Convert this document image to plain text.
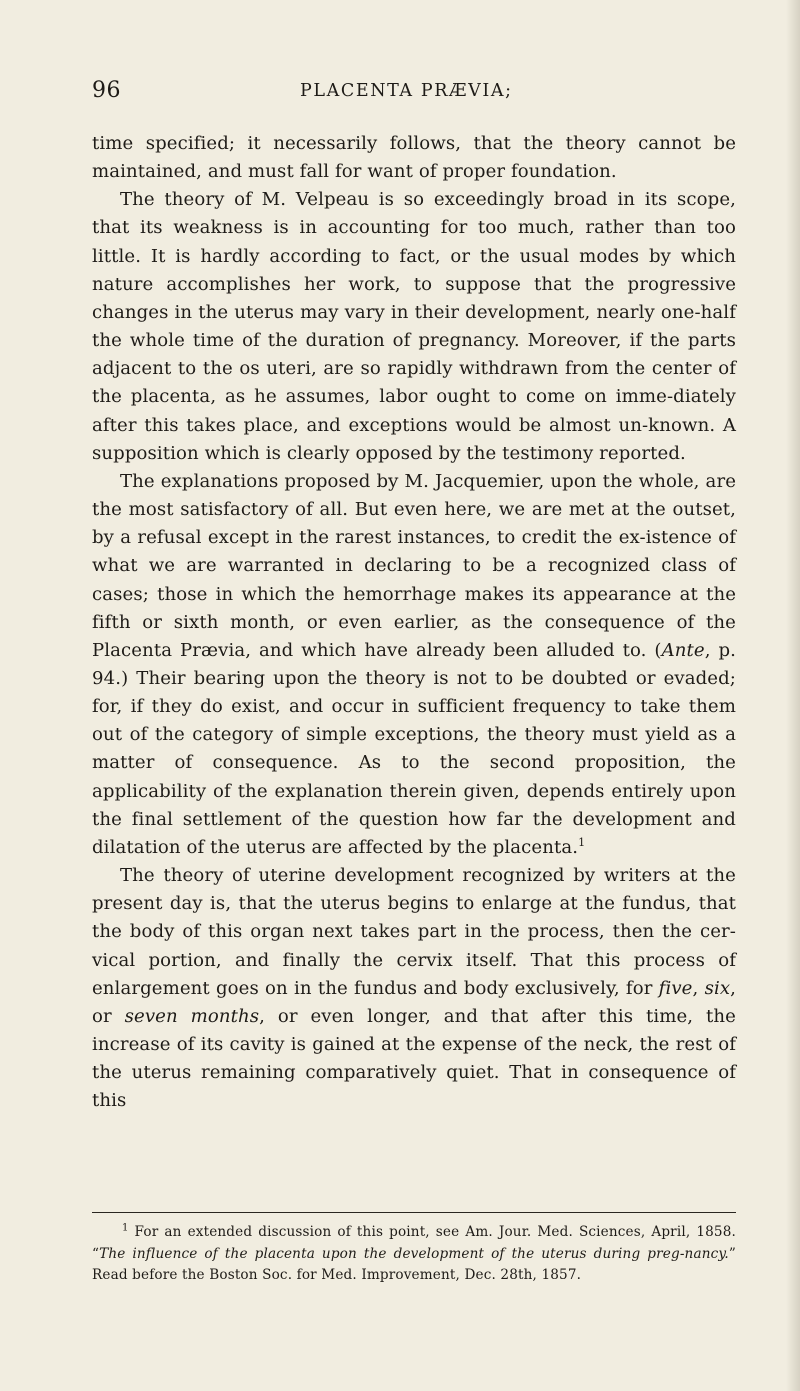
96	PLACENTA PRÆVIA;

time specified; it necessarily follows, that the theory cannot be maintained, and must fall for want of proper foundation.

The theory of M. Velpeau is so exceedingly broad in its scope, that its weakness is in accounting for too much, rather than too little. It is hardly according to fact, or the usual modes by which nature accomplishes her work, to suppose that the progressive changes in the uterus may vary in their development, nearly one-half the whole time of the duration of pregnancy. Moreover, if the parts adjacent to the os uteri, are so rapidly withdrawn from the center of the placenta, as he assumes, labor ought to come on imme-diately after this takes place, and exceptions would be almost un-known. A supposition which is clearly opposed by the testimony reported.

The explanations proposed by M. Jacquemier, upon the whole, are the most satisfactory of all. But even here, we are met at the outset, by a refusal except in the rarest instances, to credit the ex-istence of what we are warranted in declaring to be a recognized class of cases; those in which the hemorrhage makes its appearance at the fifth or sixth month, or even earlier, as the consequence of the Placenta Prævia, and which have already been alluded to. (Ante, p. 94.) Their bearing upon the theory is not to be doubted or evaded; for, if they do exist, and occur in sufficient frequency to take them out of the category of simple exceptions, the theory must yield as a matter of consequence. As to the second proposition, the applicability of the explanation therein given, depends entirely upon the final settlement of the question how far the development and dilatation of the uterus are affected by the placenta.$^1$

The theory of uterine development recognized by writers at the present day is, that the uterus begins to enlarge at the fundus, that the body of this organ next takes part in the process, then the cer-vical portion, and finally the cervix itself. That this process of enlargement goes on in the fundus and body exclusively, for five, six, or seven months, or even longer, and that after this time, the increase of its cavity is gained at the expense of the neck, the rest of the uterus remaining comparatively quiet. That in consequence of this

$^1$ For an extended discussion of this point, see Am. Jour. Med. Sciences, April, 1858. “The influence of the placenta upon the development of the uterus during preg-nancy.” Read before the Boston Soc. for Med. Improvement, Dec. 28th, 1857.
